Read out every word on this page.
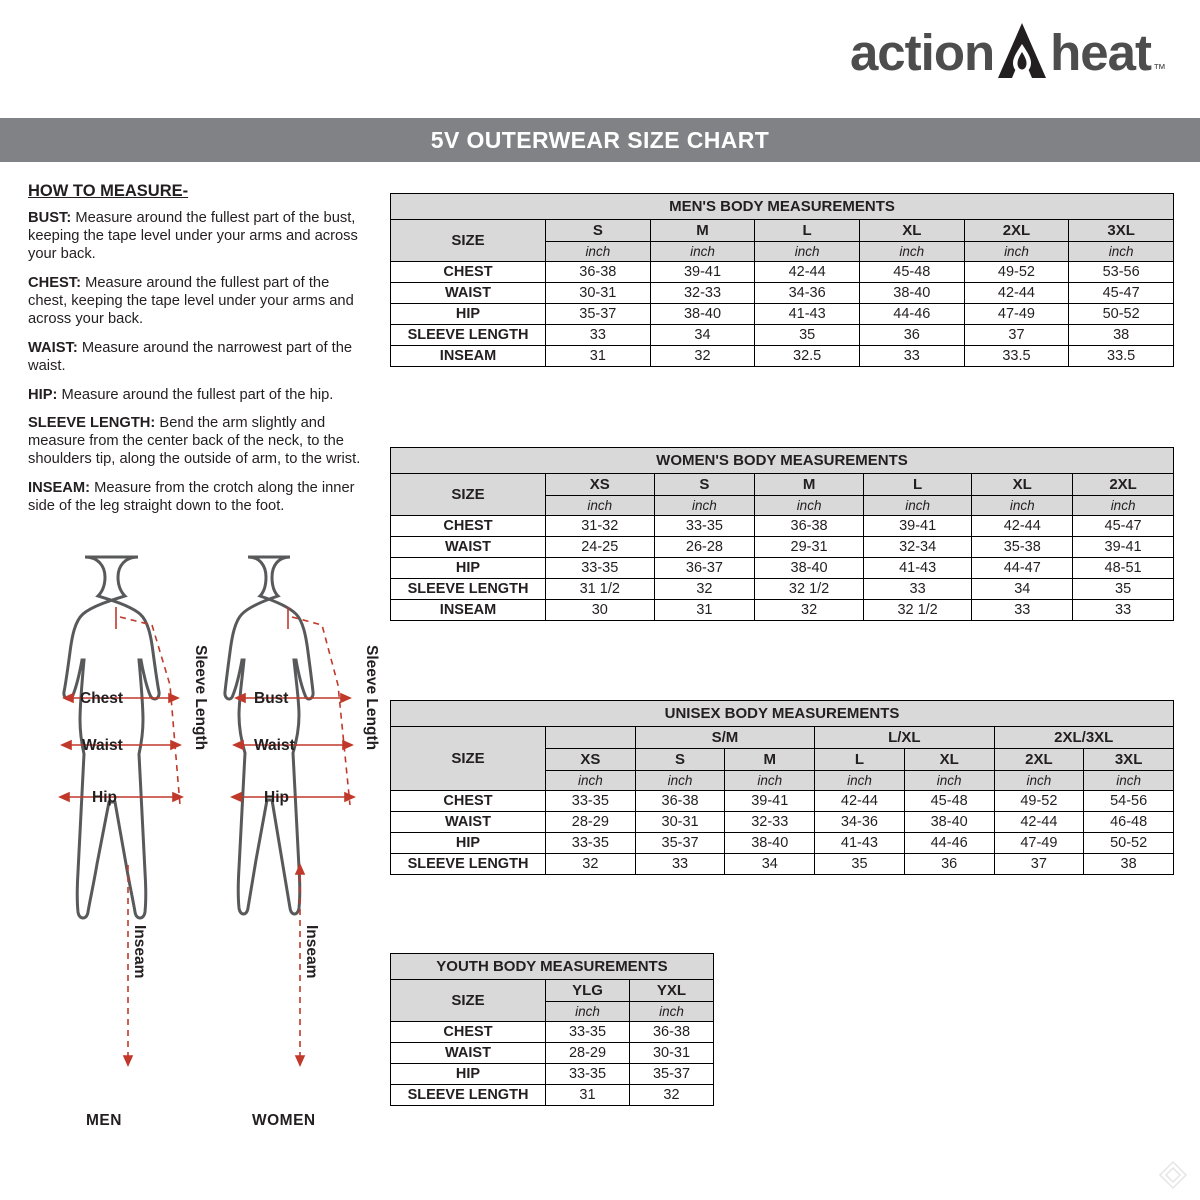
action heat ™
5V OUTERWEAR SIZE CHART
HOW TO MEASURE-

BUST: Measure around the fullest part of the bust, keeping the tape level under your arms and across your back.

CHEST: Measure around the fullest part of the chest, keeping the tape level under your arms and across your back.

WAIST: Measure around the narrowest part of the waist.

HIP: Measure around the fullest part of the hip.

SLEEVE LENGTH: Bend the arm slightly and measure from the center back of the neck, to the shoulders tip, along the outside of arm, to the wrist.

INSEAM: Measure from the crotch along the inner side of the leg straight down to the foot.

Chest
Waist
Hip
Sleeve Length
Inseam
Bust
Waist
Hip
Sleeve Length
Inseam
MEN	WOMEN
MEN'S BODY MEASUREMENTS						
SIZE	S	M	L	XL	2XL	3XL
	inch	inch	inch	inch	inch	inch
CHEST	36-38	39-41	42-44	45-48	49-52	53-56
WAIST	30-31	32-33	34-36	38-40	42-44	45-47
HIP	35-37	38-40	41-43	44-46	47-49	50-52
SLEEVE LENGTH	33	34	35	36	37	38
INSEAM	31	32	32.5	33	33.5	33.5
WOMEN'S BODY MEASUREMENTS						
SIZE	XS	S	M	L	XL	2XL
	inch	inch	inch	inch	inch	inch
CHEST	31-32	33-35	36-38	39-41	42-44	45-47
WAIST	24-25	26-28	29-31	32-34	35-38	39-41
HIP	33-35	36-37	38-40	41-43	44-47	48-51
SLEEVE LENGTH	31 1/2	32	32 1/2	33	34	35
INSEAM	30	31	32	32 1/2	33	33
UNISEX BODY MEASUREMENTS							
SIZE		S/M		L/XL		2XL/3XL	
	XS	S	M	L	XL	2XL	3XL
	inch	inch	inch	inch	inch	inch	inch
CHEST	33-35	36-38	39-41	42-44	45-48	49-52	54-56
WAIST	28-29	30-31	32-33	34-36	38-40	42-44	46-48
HIP	33-35	35-37	38-40	41-43	44-46	47-49	50-52
SLEEVE LENGTH	32	33	34	35	36	37	38
YOUTH BODY MEASUREMENTS		
SIZE	YLG	YXL
	inch	inch
CHEST	33-35	36-38
WAIST	28-29	30-31
HIP	33-35	35-37
SLEEVE LENGTH	31	32
